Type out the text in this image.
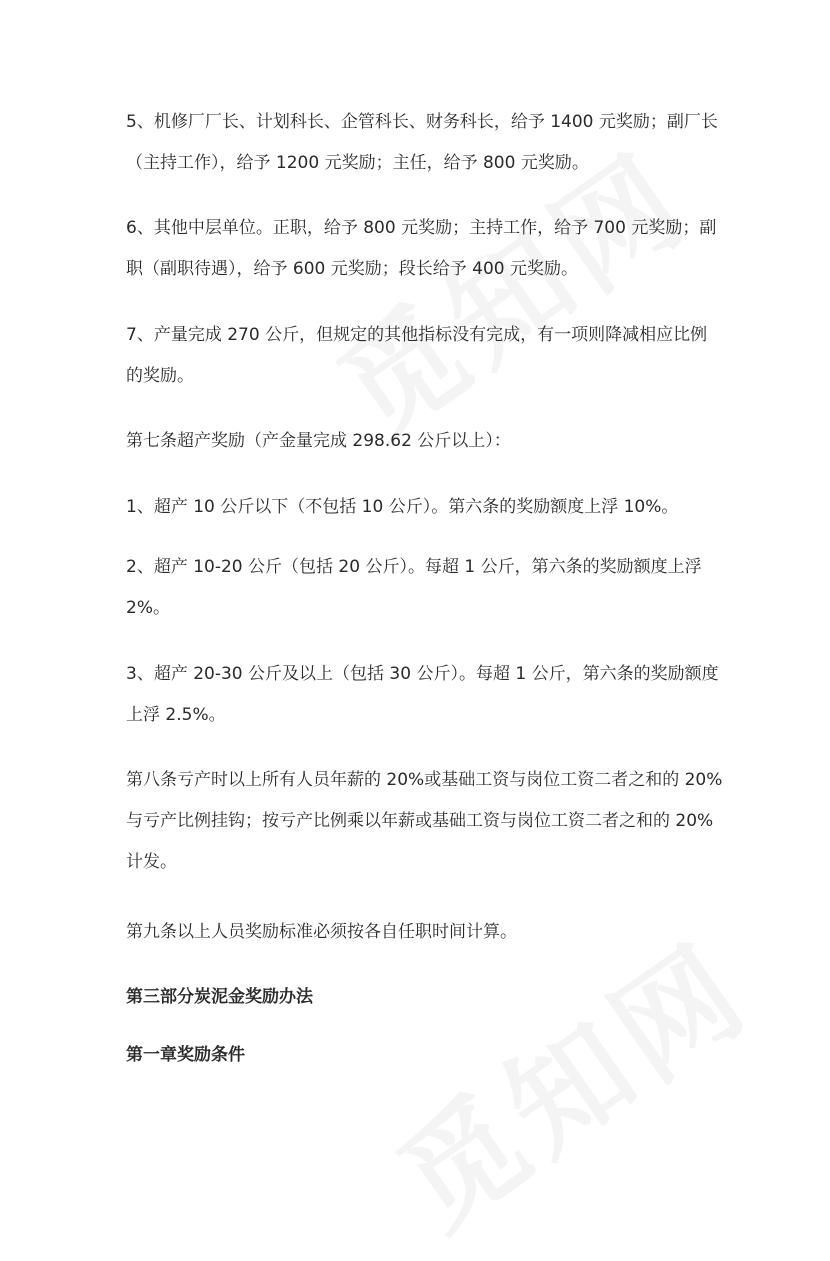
5、机修厂厂长、计划科长、企管科长、财务科长，给予 1400 元奖励；副厂长
（主持工作），给予 1200 元奖励；主任，给予 800 元奖励。
6、其他中层单位。正职，给予 800 元奖励；主持工作，给予 700 元奖励；副
职（副职待遇），给予 600 元奖励；段长给予 400 元奖励。
7、产量完成 270 公斤，但规定的其他指标没有完成，有一项则降减相应比例
的奖励。
第七条超产奖励（产金量完成 298.62 公斤以上）：
1、超产 10 公斤以下（不包括 10 公斤）。第六条的奖励额度上浮 10%。
2、超产 10-20 公斤（包括 20 公斤）。每超 1 公斤，第六条的奖励额度上浮
2%。
3、超产 20-30 公斤及以上（包括 30 公斤）。每超 1 公斤，第六条的奖励额度
上浮 2.5%。
第八条亏产时以上所有人员年薪的 20%或基础工资与岗位工资二者之和的 20%
与亏产比例挂钩；按亏产比例乘以年薪或基础工资与岗位工资二者之和的 20%
计发。
第九条以上人员奖励标准必须按各自任职时间计算。
第三部分炭泥金奖励办法
第一章奖励条件
